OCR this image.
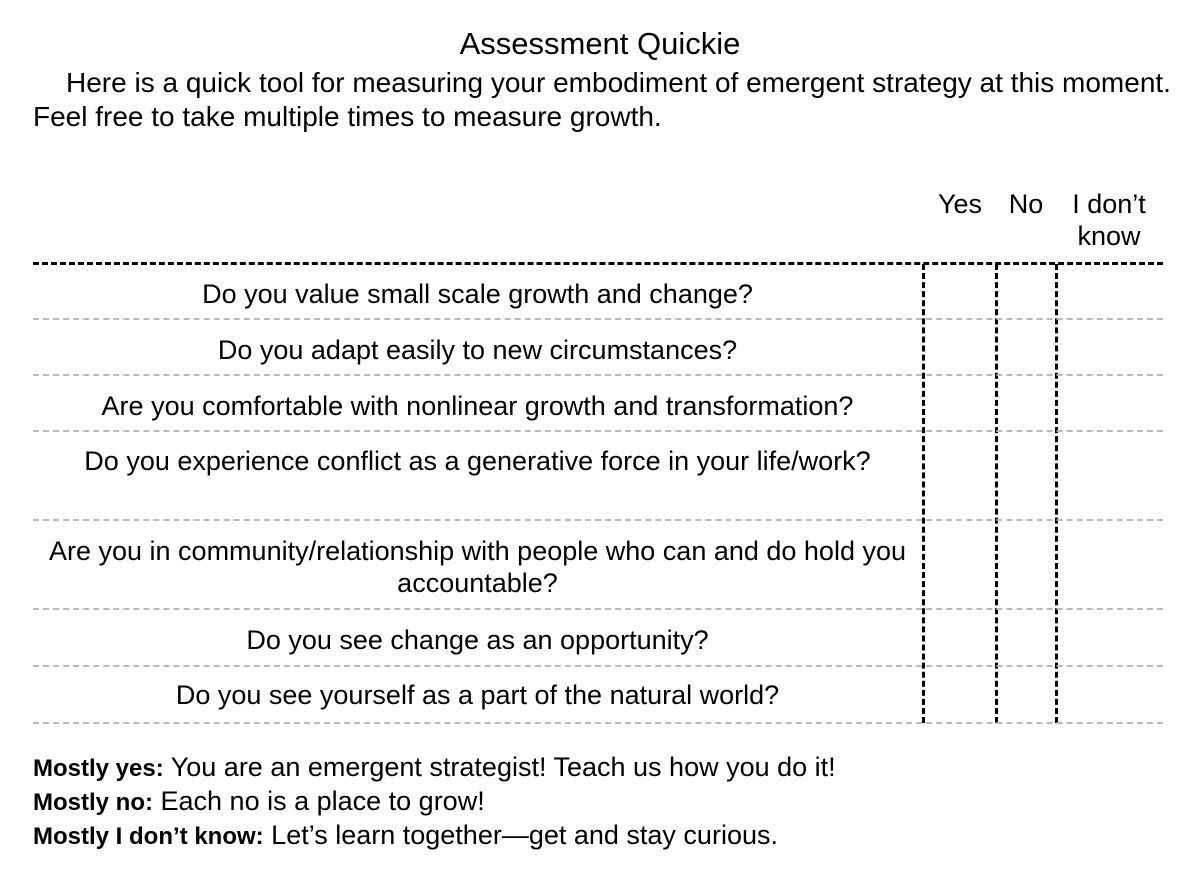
Assessment Quickie
Here is a quick tool for measuring your embodiment of emergent strategy at this moment. Feel free to take multiple times to measure growth.
Yes No	I don’t
know
Do you value small scale growth and change?
Do you adapt easily to new circumstances?
Are you comfortable with nonlinear growth and transformation?
Do you experience conflict as a generative force in your life/work?
Are you in community/relationship with people who can and do hold you accountable?
Do you see change as an opportunity?
Do you see yourself as a part of the natural world?
Mostly yes: You are an emergent strategist! Teach us how you do it!
Mostly no: Each no is a place to grow!
Mostly I don’t know: Let’s learn together—get and stay curious.
